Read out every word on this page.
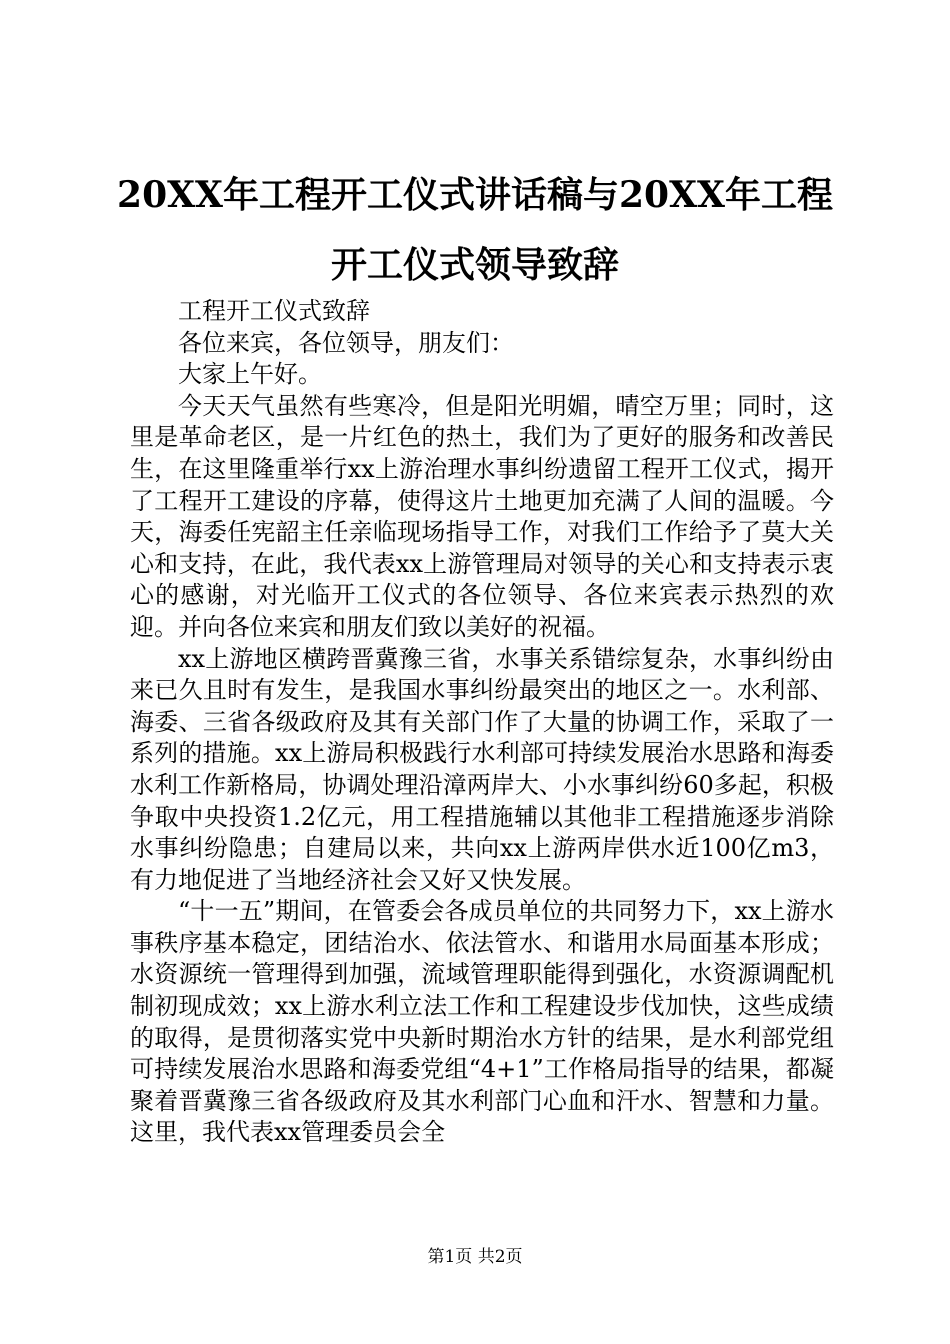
20XX年工程开工仪式讲话稿与20XX年工程开工仪式领导致辞

工程开工仪式致辞

各位来宾，各位领导，朋友们：

大家上午好。

今天天气虽然有些寒冷，但是阳光明媚，晴空万里；同时，这里是革命老区，是一片红色的热土，我们为了更好的服务和改善民生，在这里隆重举行xx上游治理水事纠纷遗留工程开工仪式，揭开了工程开工建设的序幕，使得这片土地更加充满了人间的温暖。今天，海委任宪韶主任亲临现场指导工作，对我们工作给予了莫大关心和支持，在此，我代表xx上游管理局对领导的关心和支持表示衷心的感谢，对光临开工仪式的各位领导、各位来宾表示热烈的欢迎。并向各位来宾和朋友们致以美好的祝福。

xx上游地区横跨晋冀豫三省，水事关系错综复杂，水事纠纷由来已久且时有发生，是我国水事纠纷最突出的地区之一。水利部、海委、三省各级政府及其有关部门作了大量的协调工作，采取了一系列的措施。xx上游局积极践行水利部可持续发展治水思路和海委水利工作新格局，协调处理沿漳两岸大、小水事纠纷60多起，积极争取中央投资1.2亿元，用工程措施辅以其他非工程措施逐步消除水事纠纷隐患；自建局以来，共向xx上游两岸供水近100亿m3，有力地促进了当地经济社会又好又快发展。

“十一五”期间，在管委会各成员单位的共同努力下，xx上游水事秩序基本稳定，团结治水、依法管水、和谐用水局面基本形成；水资源统一管理得到加强，流域管理职能得到强化，水资源调配机制初现成效；xx上游水利立法工作和工程建设步伐加快，这些成绩的取得，是贯彻落实党中央新时期治水方针的结果，是水利部党组可持续发展治水思路和海委党组“4+1”工作格局指导的结果，都凝聚着晋冀豫三省各级政府及其水利部门心血和汗水、智慧和力量。这里，我代表xx管理委员会全

第1页 共2页
